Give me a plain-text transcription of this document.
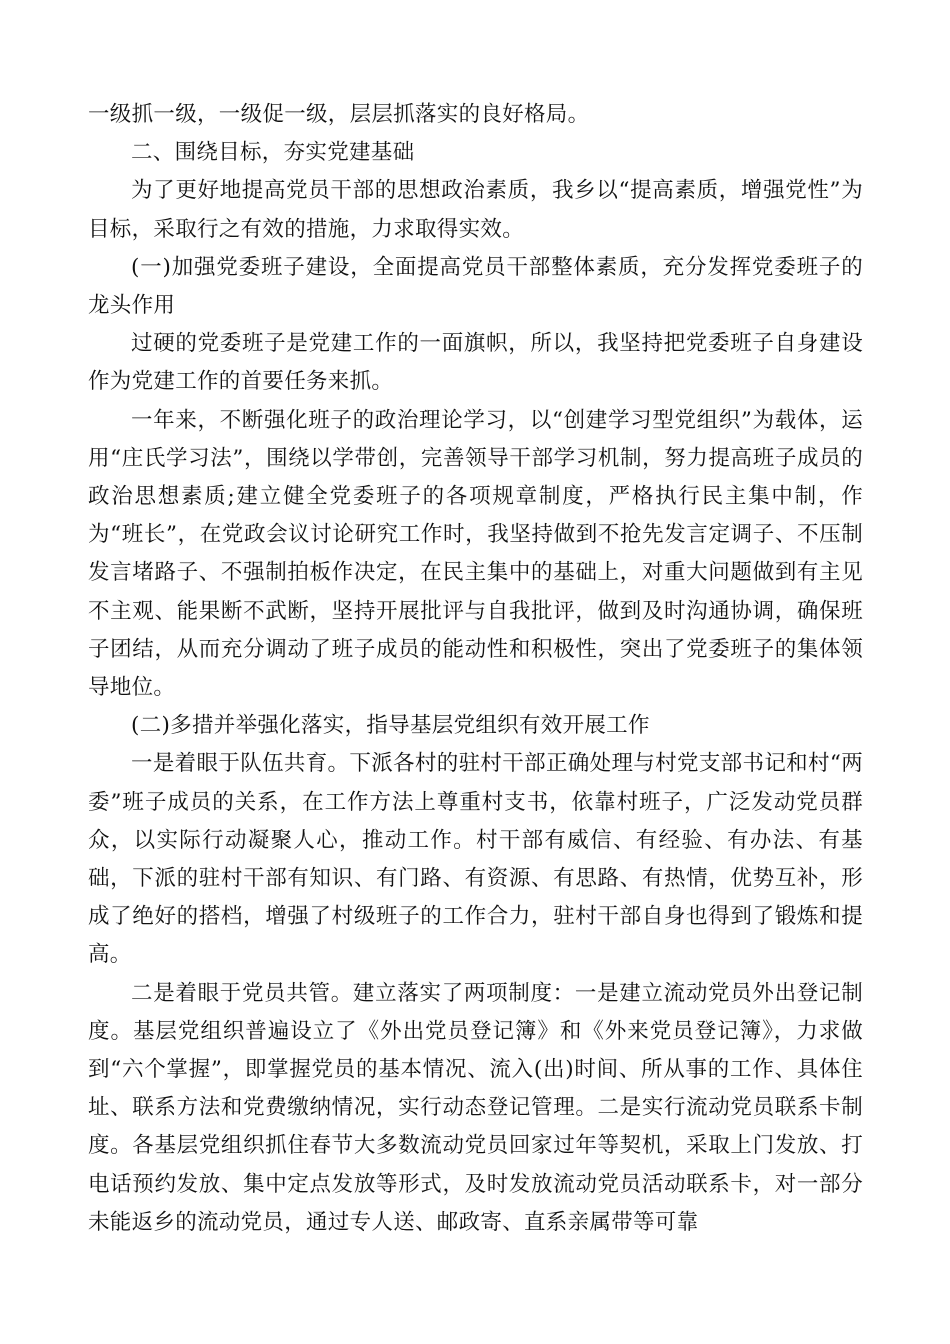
一级抓一级，一级促一级，层层抓落实的良好格局。

二、围绕目标，夯实党建基础

为了更好地提高党员干部的思想政治素质，我乡以“提高素质，增强党性”为目标，采取行之有效的措施，力求取得实效。

(一)加强党委班子建设，全面提高党员干部整体素质，充分发挥党委班子的龙头作用

过硬的党委班子是党建工作的一面旗帜，所以，我坚持把党委班子自身建设作为党建工作的首要任务来抓。

一年来，不断强化班子的政治理论学习，以“创建学习型党组织”为载体，运用“庄氏学习法”，围绕以学带创，完善领导干部学习机制，努力提高班子成员的政治思想素质;建立健全党委班子的各项规章制度，严格执行民主集中制，作为“班长”，在党政会议讨论研究工作时，我坚持做到不抢先发言定调子、不压制发言堵路子、不强制拍板作决定，在民主集中的基础上，对重大问题做到有主见不主观、能果断不武断，坚持开展批评与自我批评，做到及时沟通协调，确保班子团结，从而充分调动了班子成员的能动性和积极性，突出了党委班子的集体领导地位。

(二)多措并举强化落实，指导基层党组织有效开展工作

一是着眼于队伍共育。下派各村的驻村干部正确处理与村党支部书记和村“两委”班子成员的关系，在工作方法上尊重村支书，依靠村班子，广泛发动党员群众，以实际行动凝聚人心，推动工作。村干部有威信、有经验、有办法、有基础，下派的驻村干部有知识、有门路、有资源、有思路、有热情，优势互补，形成了绝好的搭档，增强了村级班子的工作合力，驻村干部自身也得到了锻炼和提高。

二是着眼于党员共管。建立落实了两项制度：一是建立流动党员外出登记制度。基层党组织普遍设立了《外出党员登记簿》和《外来党员登记簿》，力求做到“六个掌握”，即掌握党员的基本情况、流入(出)时间、所从事的工作、具体住址、联系方法和党费缴纳情况，实行动态登记管理。二是实行流动党员联系卡制度。各基层党组织抓住春节大多数流动党员回家过年等契机，采取上门发放、打电话预约发放、集中定点发放等形式，及时发放流动党员活动联系卡，对一部分未能返乡的流动党员，通过专人送、邮政寄、直系亲属带等可靠
